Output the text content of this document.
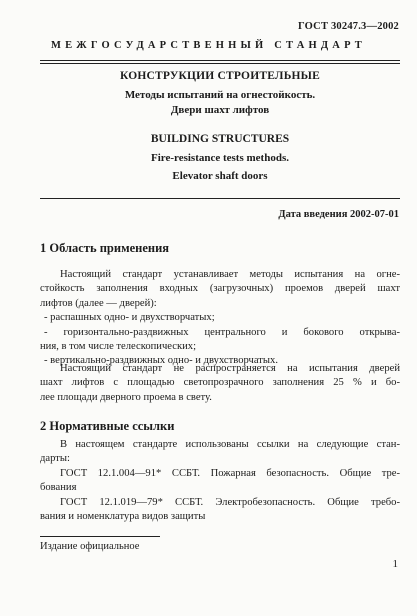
ГОСТ 30247.3—2002
МЕЖГОСУДАРСТВЕННЫЙ СТАНДАРТ
КОНСТРУКЦИИ СТРОИТЕЛЬНЫЕ
Методы испытаний на огнестойкость.
Двери шахт лифтов
BUILDING STRUCTURES
Fire-resistance tests methods.
Elevator shaft doors
Дата введения 2002-07-01
1 Область применения
Настоящий стандарт устанавливает методы испытания на огне-
стойкость заполнения входных (загрузочных) проемов дверей шахт
лифтов (далее — дверей):
- распашных одно- и двухстворчатых;
- горизонтально-раздвижных центрального и бокового открыва-
ния, в том числе телескопических;
- вертикально-раздвижных одно- и двухстворчатых.
Настоящий стандарт не распространяется на испытания дверей
шахт лифтов с площадью светопрозрачного заполнения 25 % и бо-
лее площади дверного проема в свету.
2 Нормативные ссылки
В настоящем стандарте использованы ссылки на следующие стан-
дарты:
ГОСТ 12.1.004—91* ССБТ. Пожарная безопасность. Общие тре-
бования
ГОСТ 12.1.019—79* ССБТ. Электробезопасность. Общие требо-
вания и номенклатура видов защиты
Издание официальное
1
